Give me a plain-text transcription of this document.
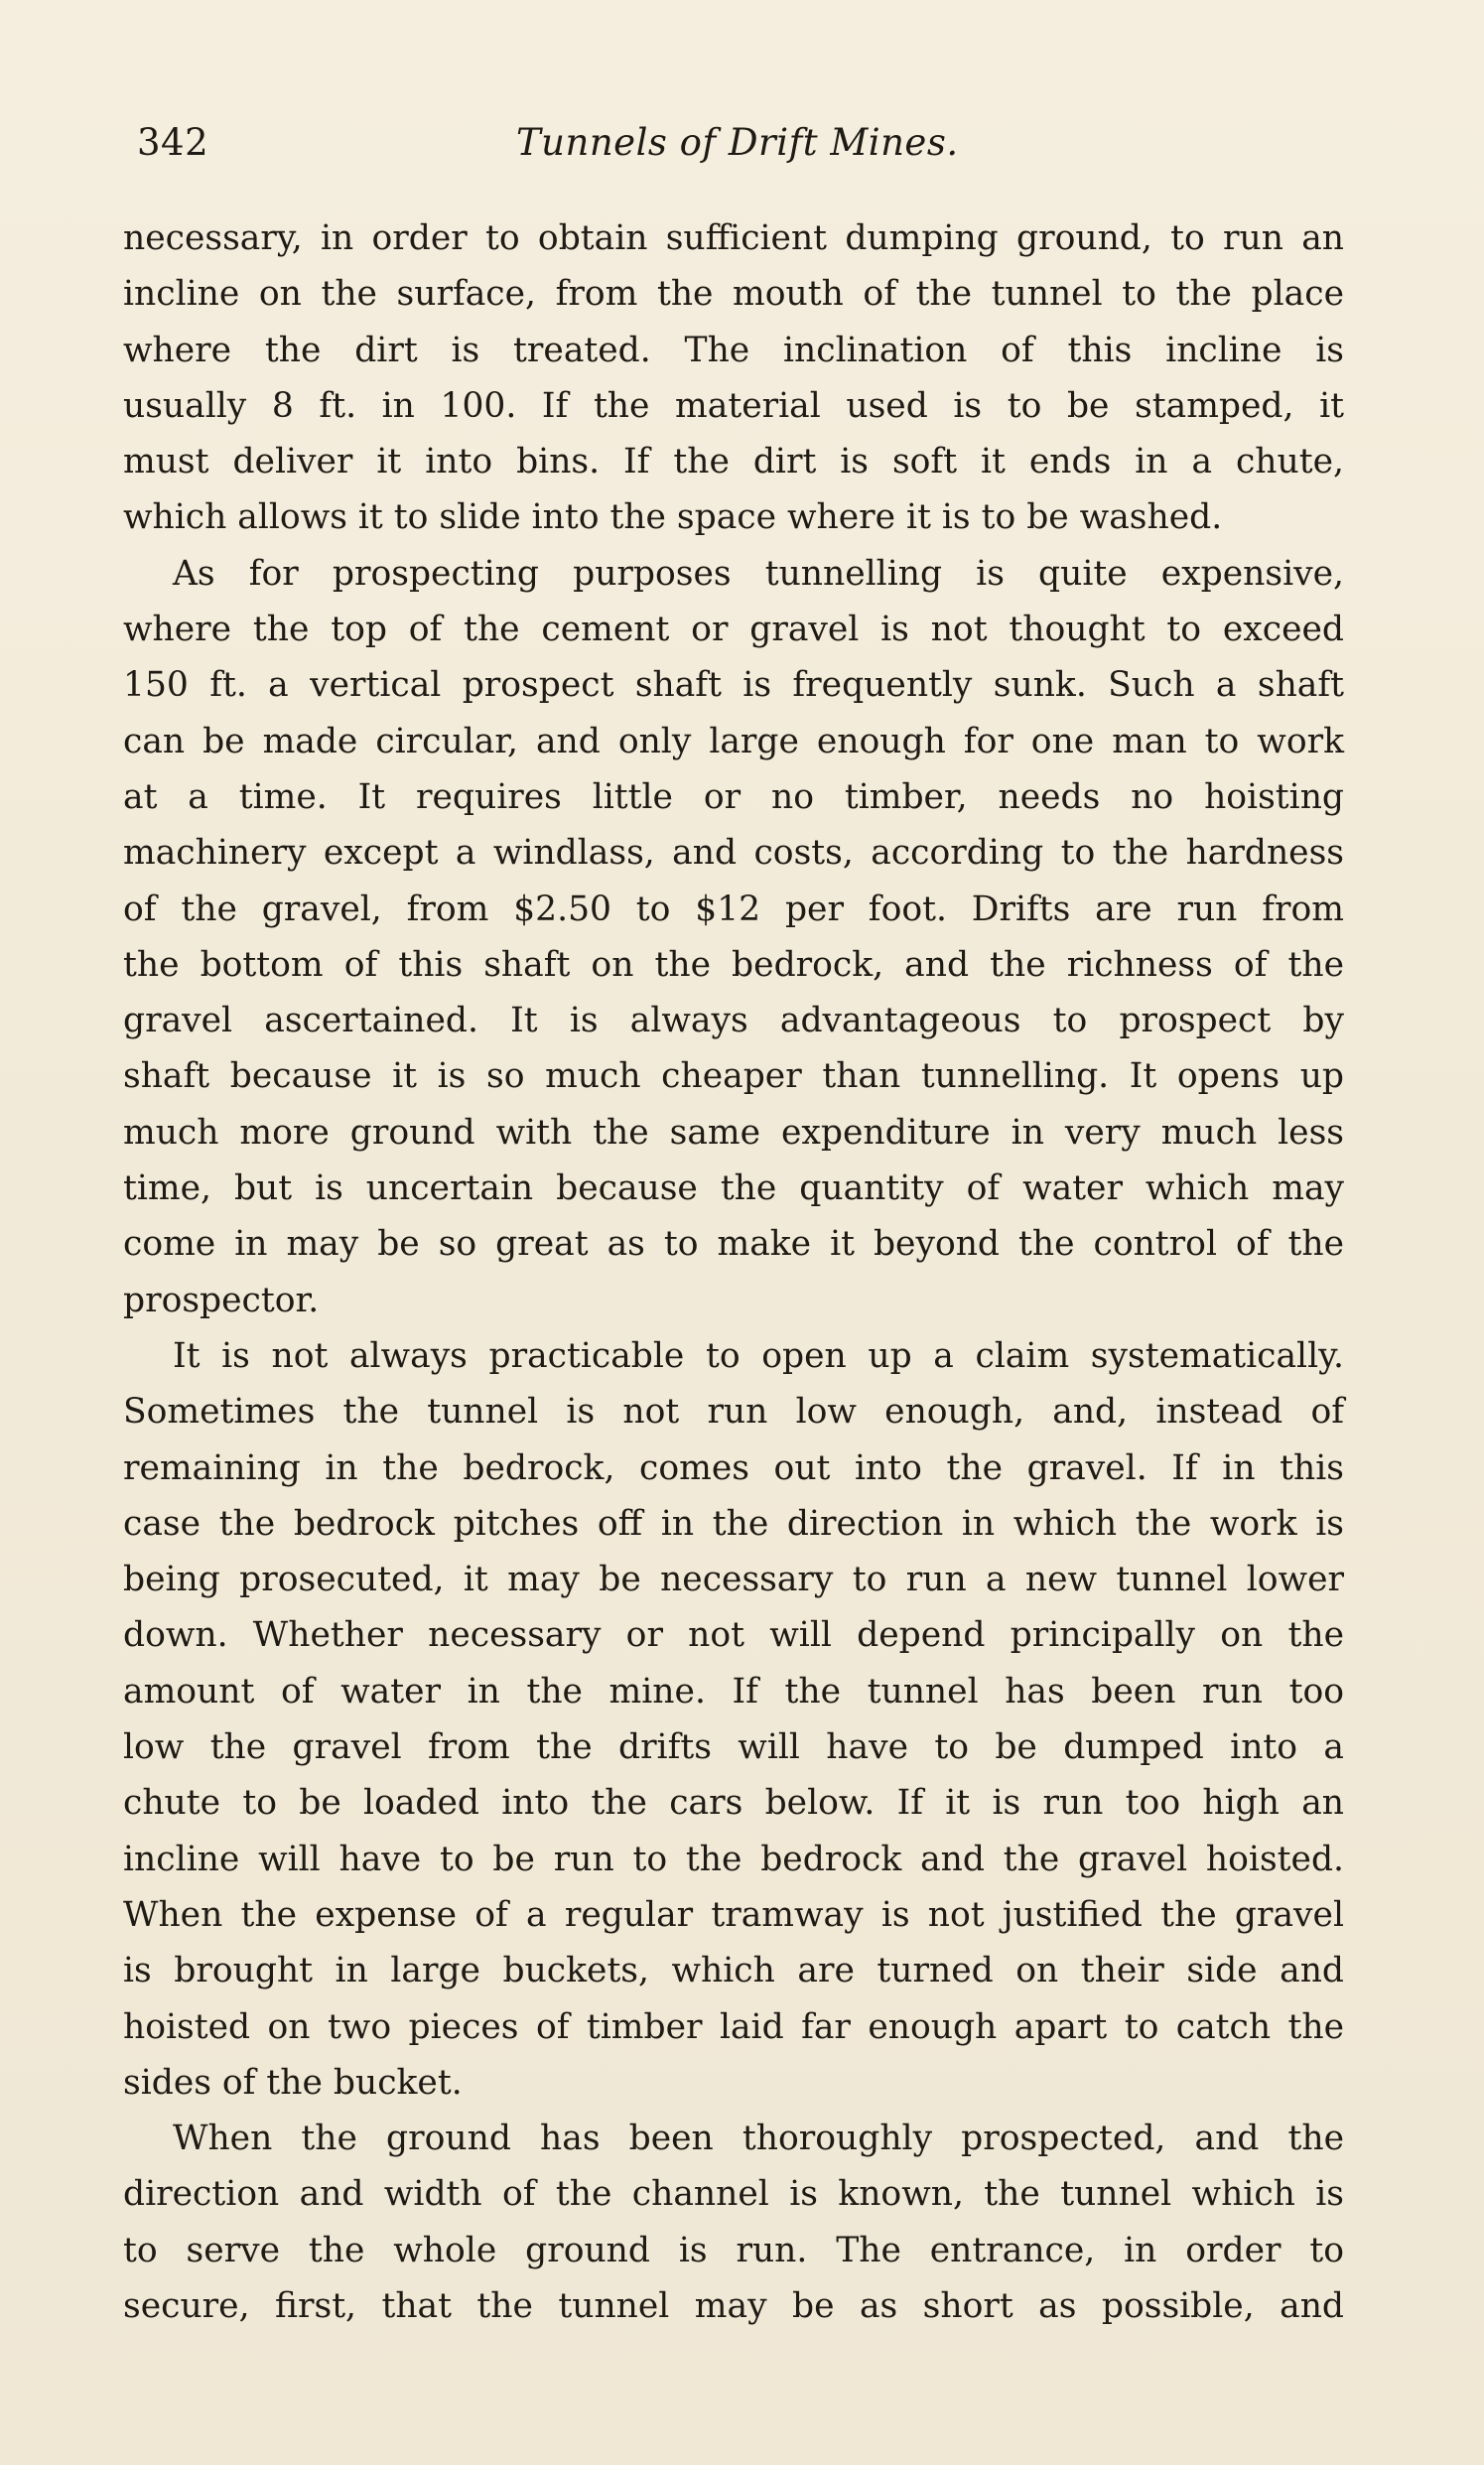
342	Tunnels of Drift Mines.
necessary, in order to obtain sufficient dumping ground, to run an
incline on the surface, from the mouth of the tunnel to the place
where the dirt is treated. The inclination of this incline is
usually 8 ft. in 100. If the material used is to be stamped, it
must deliver it into bins. If the dirt is soft it ends in a chute,
which allows it to slide into the space where it is to be washed.
As for prospecting purposes tunnelling is quite expensive,
where the top of the cement or gravel is not thought to exceed
150 ft. a vertical prospect shaft is frequently sunk. Such a shaft
can be made circular, and only large enough for one man to work
at a time. It requires little or no timber, needs no hoisting
machinery except a windlass, and costs, according to the hardness
of the gravel, from $2.50 to $12 per foot. Drifts are run from
the bottom of this shaft on the bedrock, and the richness of the
gravel ascertained. It is always advantageous to prospect by
shaft because it is so much cheaper than tunnelling. It opens up
much more ground with the same expenditure in very much less
time, but is uncertain because the quantity of water which may
come in may be so great as to make it beyond the control of the
prospector.
It is not always practicable to open up a claim systematically.
Sometimes the tunnel is not run low enough, and, instead of
remaining in the bedrock, comes out into the gravel. If in this
case the bedrock pitches off in the direction in which the work is
being prosecuted, it may be necessary to run a new tunnel lower
down. Whether necessary or not will depend principally on the
amount of water in the mine. If the tunnel has been run too
low the gravel from the drifts will have to be dumped into a
chute to be loaded into the cars below. If it is run too high an
incline will have to be run to the bedrock and the gravel hoisted.
When the expense of a regular tramway is not justified the gravel
is brought in large buckets, which are turned on their side and
hoisted on two pieces of timber laid far enough apart to catch the
sides of the bucket.
When the ground has been thoroughly prospected, and the
direction and width of the channel is known, the tunnel which is
to serve the whole ground is run. The entrance, in order to
secure, first, that the tunnel may be as short as possible, and
